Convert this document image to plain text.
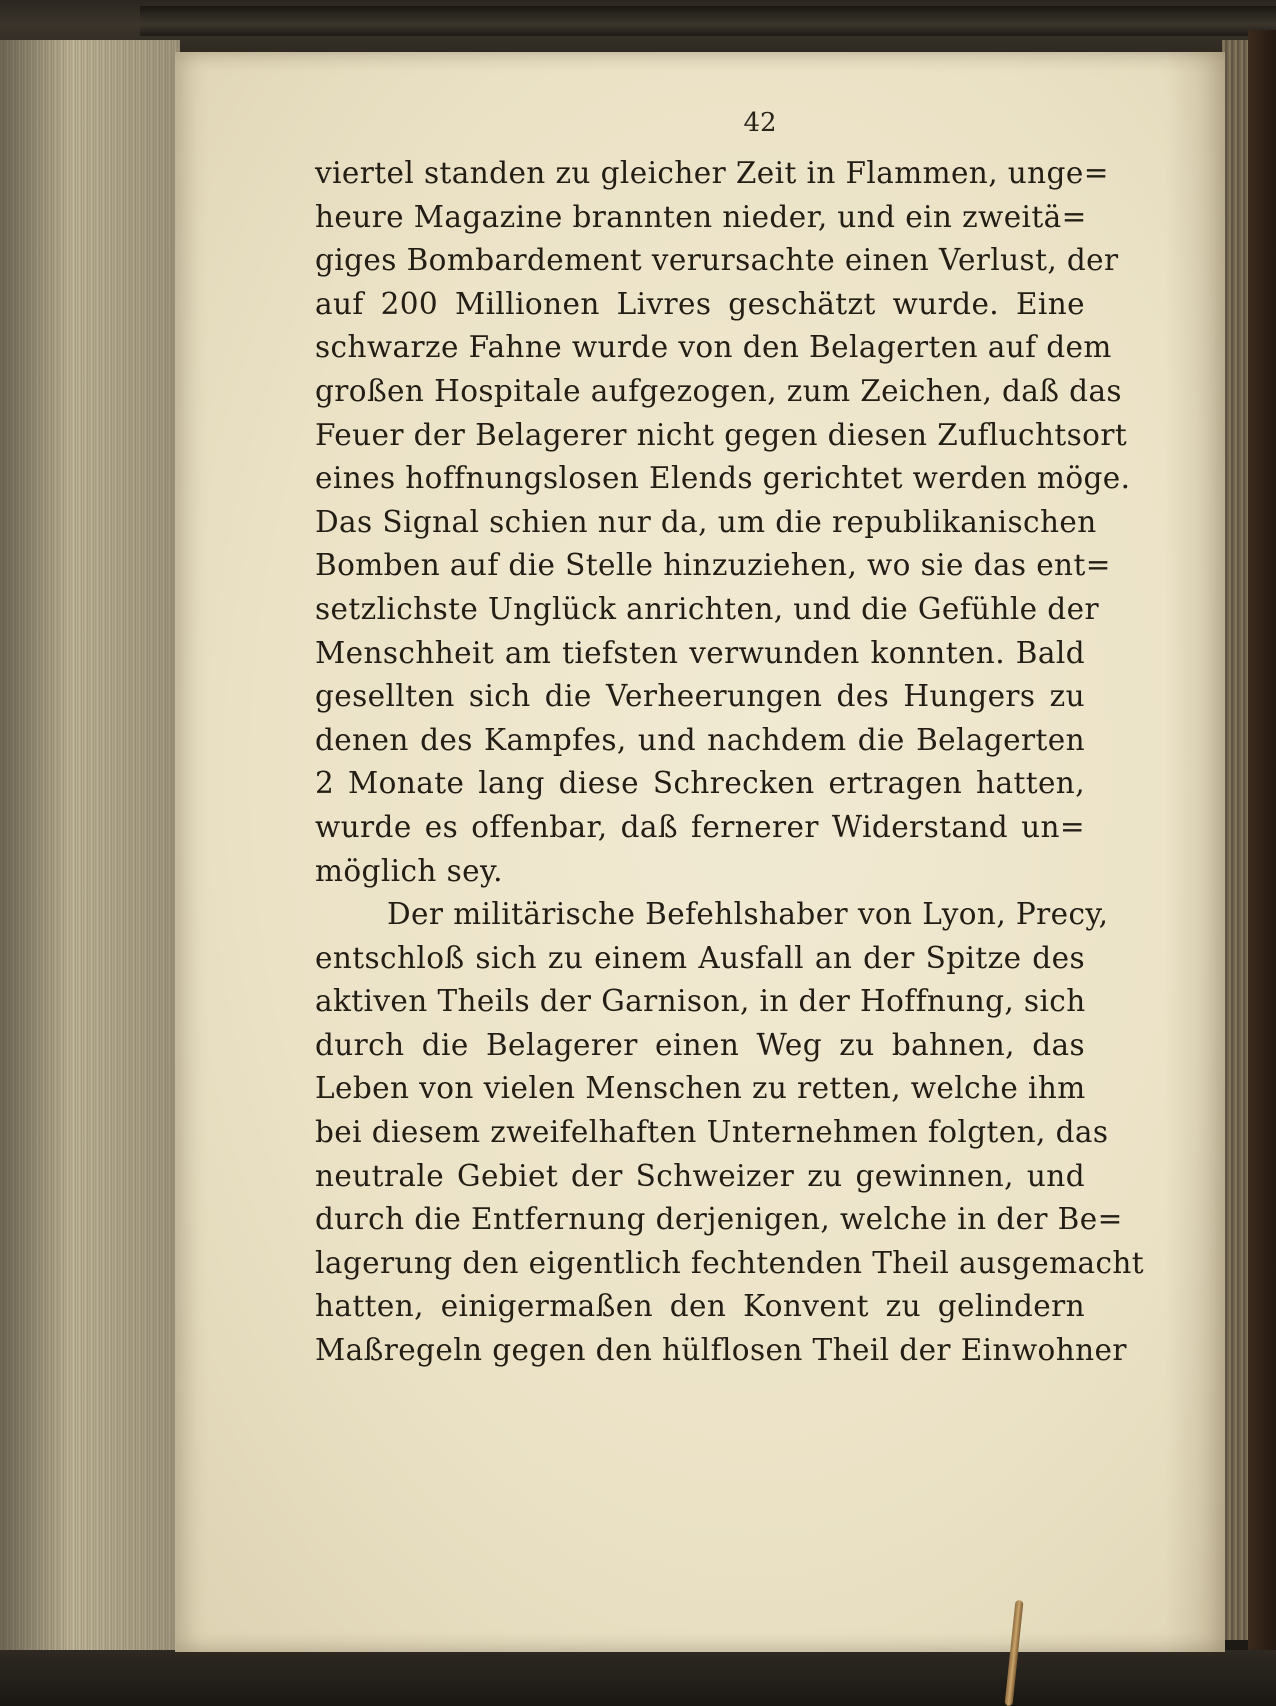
42
viertel standen zu gleicher Zeit in Flammen, unge=
heure Magazine brannten nieder, und ein zweitä=
giges Bombardement verursachte einen Verlust, der
auf 200 Millionen Livres geschätzt wurde. Eine
schwarze Fahne wurde von den Belagerten auf dem
großen Hospitale aufgezogen, zum Zeichen, daß das
Feuer der Belagerer nicht gegen diesen Zufluchtsort
eines hoffnungslosen Elends gerichtet werden möge.
Das Signal schien nur da, um die republikanischen
Bomben auf die Stelle hinzuziehen, wo sie das ent=
setzlichste Unglück anrichten, und die Gefühle der
Menschheit am tiefsten verwunden konnten. Bald
gesellten sich die Verheerungen des Hungers zu
denen des Kampfes, und nachdem die Belagerten
2 Monate lang diese Schrecken ertragen hatten,
wurde es offenbar, daß fernerer Widerstand un=
möglich sey.
Der militärische Befehlshaber von Lyon, Precy,
entschloß sich zu einem Ausfall an der Spitze des
aktiven Theils der Garnison, in der Hoffnung, sich
durch die Belagerer einen Weg zu bahnen, das
Leben von vielen Menschen zu retten, welche ihm
bei diesem zweifelhaften Unternehmen folgten, das
neutrale Gebiet der Schweizer zu gewinnen, und
durch die Entfernung derjenigen, welche in der Be=
lagerung den eigentlich fechtenden Theil ausgemacht
hatten, einigermaßen den Konvent zu gelindern
Maßregeln gegen den hülflosen Theil der Einwohner
